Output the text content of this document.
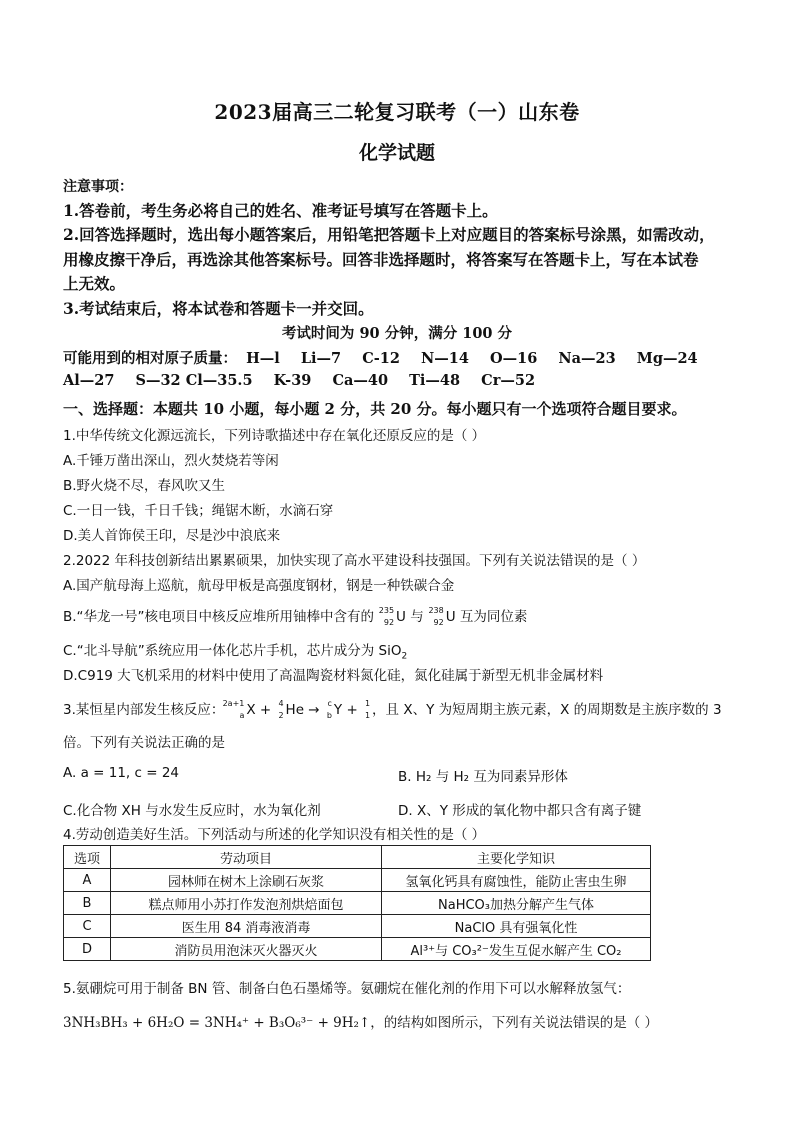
2023届高三二轮复习联考（一）山东卷
化学试题
注意事项：
1.答卷前，考生务必将自己的姓名、准考证号填写在答题卡上。
2.回答选择题时，选出每小题答案后，用铅笔把答题卡上对应题目的答案标号涂黑，如需改动，
用橡皮擦干净后，再选涂其他答案标号。回答非选择题时，将答案写在答题卡上，写在本试卷
上无效。
3.考试结束后，将本试卷和答题卡一并交回。
考试时间为 90 分钟，满分 100 分
可能用到的相对原子质量： H—l Li—7 C-12 N—14 O—16 Na—23 Mg—24
Al—27 S—32 Cl—35.5 K-39 Ca—40 Ti—48 Cr—52
一、选择题：本题共 10 小题，每小题 2 分，共 20 分。每小题只有一个选项符合题目要求。
1.中华传统文化源远流长，下列诗歌描述中存在氧化还原反应的是（ ）
A.千锤万凿出深山，烈火焚烧若等闲
B.野火烧不尽，春风吹又生
C.一日一钱，千日千钱；绳锯木断，水滴石穿
D.美人首饰侯王印，尽是沙中浪底来
2.2022 年科技创新结出累累硕果，加快实现了高水平建设科技强国。下列有关说法错误的是（ ）
A.国产航母海上巡航，航母甲板是高强度钢材，钢是一种铁碳合金
B.“华龙一号”核电项目中核反应堆所用铀棒中含有的 235
92 U 与 238
92 U 互为同位素
C.“北斗导航”系统应用一体化芯片手机，芯片成分为 SiO$_2$
D.C919 大飞机采用的材料中使用了高温陶瓷材料氮化硅，氮化硅属于新型无机非金属材料
3.某恒星内部发生核反应：
2a+1
a X + 4
2 He → c
b Y + 1
1 ，且 X、Y 为短周期主族元素，X 的周期数是主族序数的 3
倍。下列有关说法正确的是
A. a = 11, c = 24	B. H₂ 与 H₂ 互为同素异形体
C.化合物 XH 与水发生反应时，水为氧化剂	D. X、Y 形成的氧化物中都只含有离子键
4.劳动创造美好生活。下列活动与所述的化学知识没有相关性的是（ ）
选项	劳动项目	主要化学知识
A	园林师在树木上涂刷石灰浆	氢氧化钙具有腐蚀性，能防止害虫生卵
B	糕点师用小苏打作发泡剂烘焙面包	NaHCO₃加热分解产生气体
C	医生用 84 消毒液消毒	NaClO 具有强氧化性
D	消防员用泡沫灭火器灭火	Al³⁺与 CO₃²⁻发生互促水解产生 CO₂
5.氨硼烷可用于制备 BN 管、制备白色石墨烯等。氨硼烷在催化剂的作用下可以水解释放氢气：
3NH₃BH₃ + 6H₂O = 3NH₄⁺ + B₃O₆³⁻ + 9H₂↑，的结构如图所示，下列有关说法错误的是（ ）
